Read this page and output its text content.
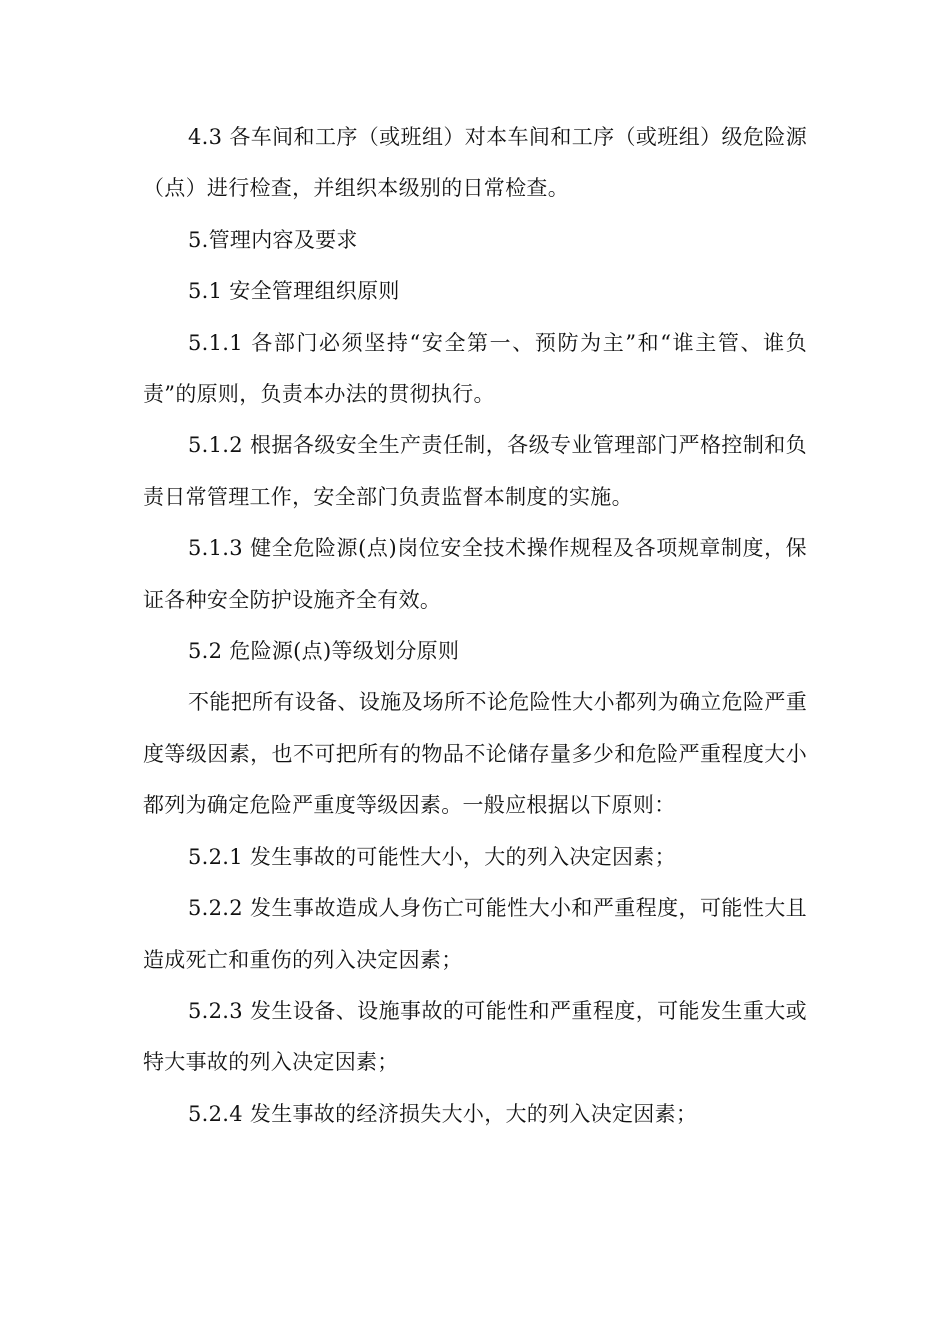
4.3 各车间和工序（或班组）对本车间和工序（或班组）级危险源（点）进行检查，并组织本级别的日常检查。

5.管理内容及要求

5.1 安全管理组织原则

5.1.1 各部门必须坚持“安全第一、预防为主”和“谁主管、谁负责”的原则，负责本办法的贯彻执行。

5.1.2 根据各级安全生产责任制，各级专业管理部门严格控制和负责日常管理工作，安全部门负责监督本制度的实施。

5.1.3 健全危险源(点)岗位安全技术操作规程及各项规章制度，保证各种安全防护设施齐全有效。

5.2 危险源(点)等级划分原则

不能把所有设备、设施及场所不论危险性大小都列为确立危险严重度等级因素，也不可把所有的物品不论储存量多少和危险严重程度大小都列为确定危险严重度等级因素。一般应根据以下原则：

5.2.1 发生事故的可能性大小，大的列入决定因素；

5.2.2 发生事故造成人身伤亡可能性大小和严重程度，可能性大且造成死亡和重伤的列入决定因素；

5.2.3 发生设备、设施事故的可能性和严重程度，可能发生重大或特大事故的列入决定因素；

5.2.4 发生事故的经济损失大小，大的列入决定因素；
